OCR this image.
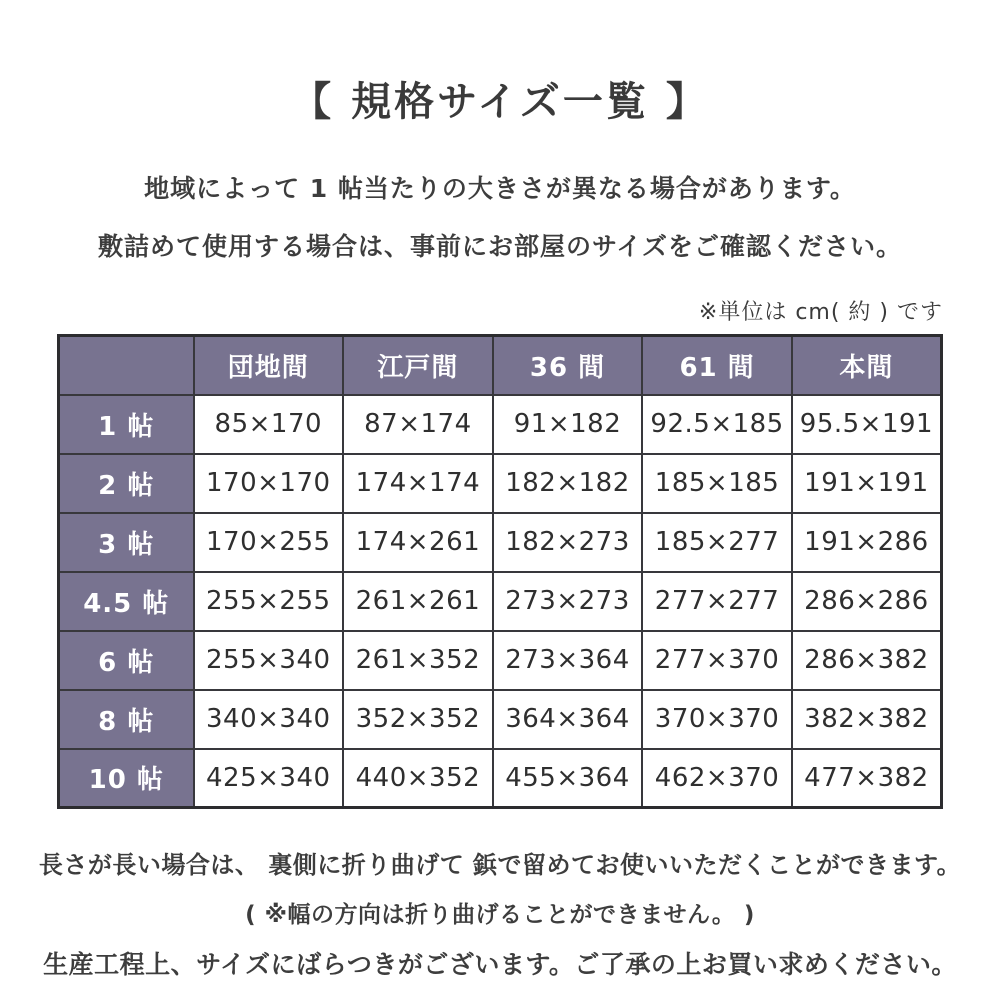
【 規格サイズ一覧 】

地域によって 1 帖当たりの大きさが異なる場合があります。

敷詰めて使用する場合は、事前にお部屋のサイズをご確認ください。

※単位は cm( 約 ) です
	団地間	江戸間	36 間	61 間	本間
1 帖	85×170	87×174	91×182	92.5×185	95.5×191
2 帖	170×170	174×174	182×182	185×185	191×191
3 帖	170×255	174×261	182×273	185×277	191×286
4.5 帖	255×255	261×261	273×273	277×277	286×286
6 帖	255×340	261×352	273×364	277×370	286×382
8 帖	340×340	352×352	364×364	370×370	382×382
10 帖	425×340	440×352	455×364	462×370	477×382

長さが長い場合は、 裏側に折り曲げて 鋲で留めてお使いいただくことができます。

( ※幅の方向は折り曲げることができません。 )

生産工程上、サイズにばらつきがございます。ご了承の上お買い求めください。
